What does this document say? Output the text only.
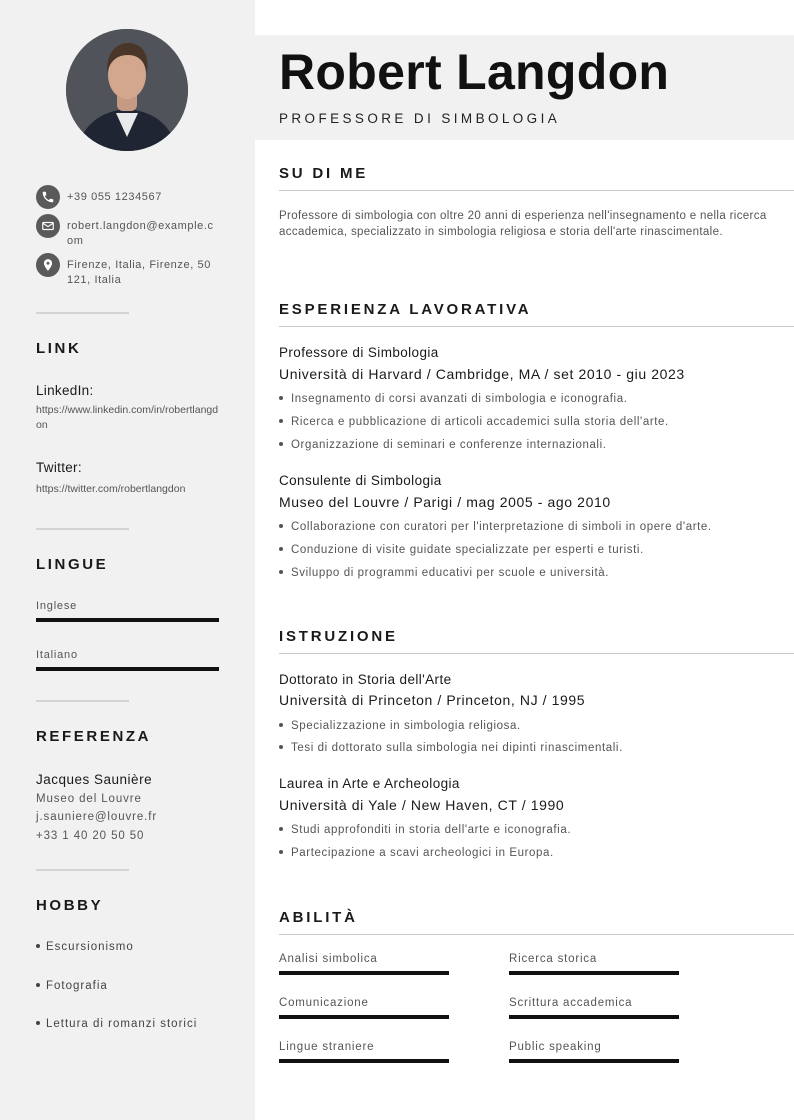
+39 055 1234567
robert.langdon@example.com
Firenze, Italia, Firenze, 50121, Italia
LINK
LinkedIn:
https://www.linkedin.com/in/robertlangdon
Twitter:
https://twitter.com/robertlangdon
LINGUE
Inglese
Italiano
REFERENZA
Jacques Saunière
Museo del Louvre
j.sauniere@louvre.fr
+33 1 40 20 50 50
HOBBY
Escursionismo
Fotografia
Lettura di romanzi storici
Robert Langdon
PROFESSORE DI SIMBOLOGIA
SU DI ME
Professore di simbologia con oltre 20 anni di esperienza nell'insegnamento e nella ricerca accademica, specializzato in simbologia religiosa e storia dell'arte rinascimentale.
ESPERIENZA LAVORATIVA
Professore di Simbologia
Università di Harvard / Cambridge, MA / set 2010 - giu 2023
Insegnamento di corsi avanzati di simbologia e iconografia.
Ricerca e pubblicazione di articoli accademici sulla storia dell'arte.
Organizzazione di seminari e conferenze internazionali.
Consulente di Simbologia
Museo del Louvre / Parigi / mag 2005 - ago 2010
Collaborazione con curatori per l'interpretazione di simboli in opere d'arte.
Conduzione di visite guidate specializzate per esperti e turisti.
Sviluppo di programmi educativi per scuole e università.
ISTRUZIONE
Dottorato in Storia dell'Arte
Università di Princeton / Princeton, NJ / 1995
Specializzazione in simbologia religiosa.
Tesi di dottorato sulla simbologia nei dipinti rinascimentali.
Laurea in Arte e Archeologia
Università di Yale / New Haven, CT / 1990
Studi approfonditi in storia dell'arte e iconografia.
Partecipazione a scavi archeologici in Europa.
ABILITÀ
Analisi simbolica	Ricerca storica
Comunicazione	Scrittura accademica
Lingue straniere	Public speaking
